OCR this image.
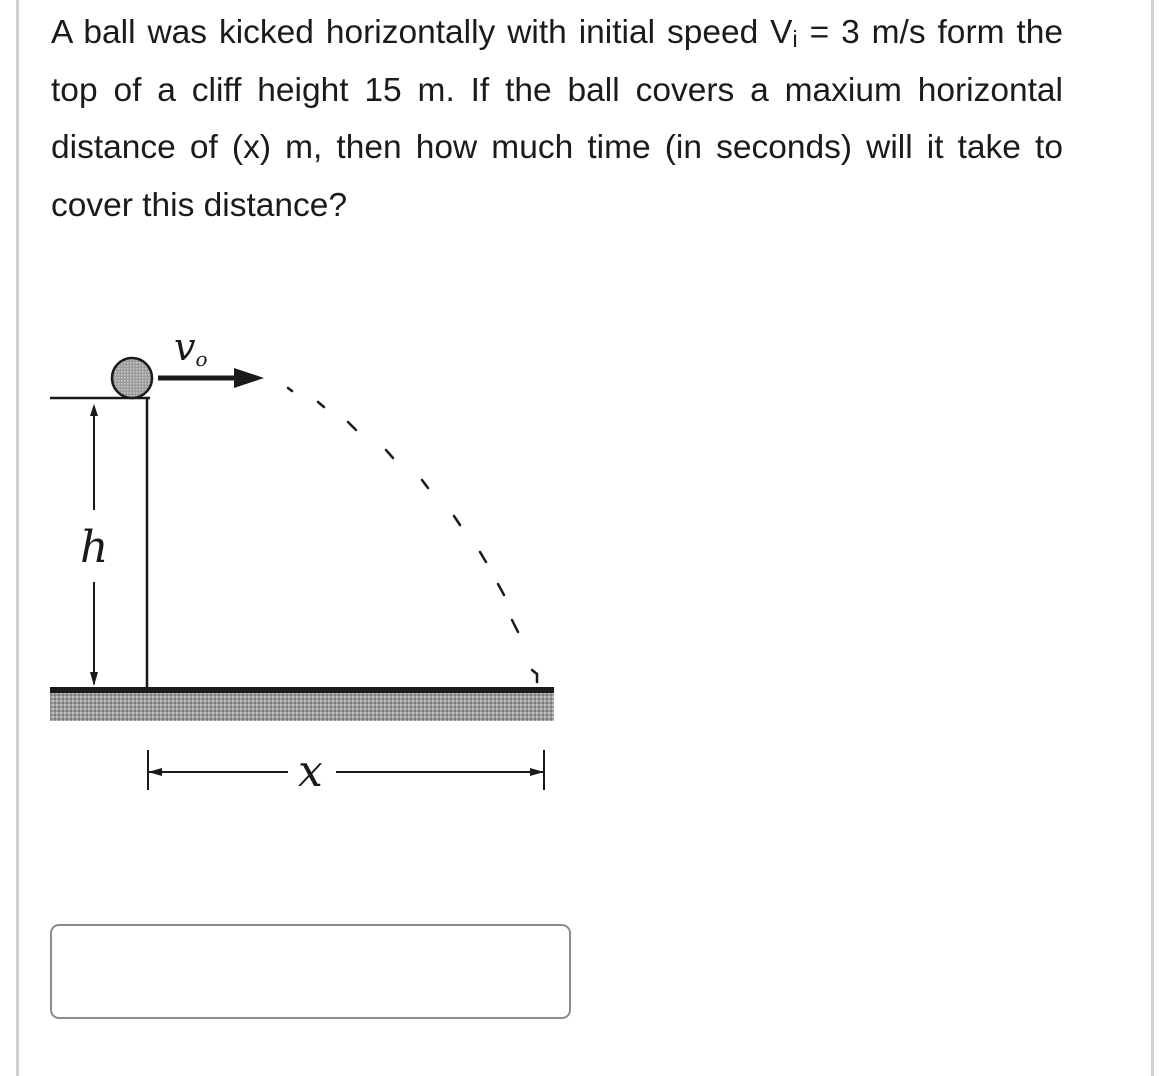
A ball was kicked horizontally with initial speed $V_i = 3$ m/s form the top of a cliff height 15 m. If the ball covers a maxium horizontal distance of (x) m, then how much time (in seconds) will it take to cover this distance?

vo
h
x
